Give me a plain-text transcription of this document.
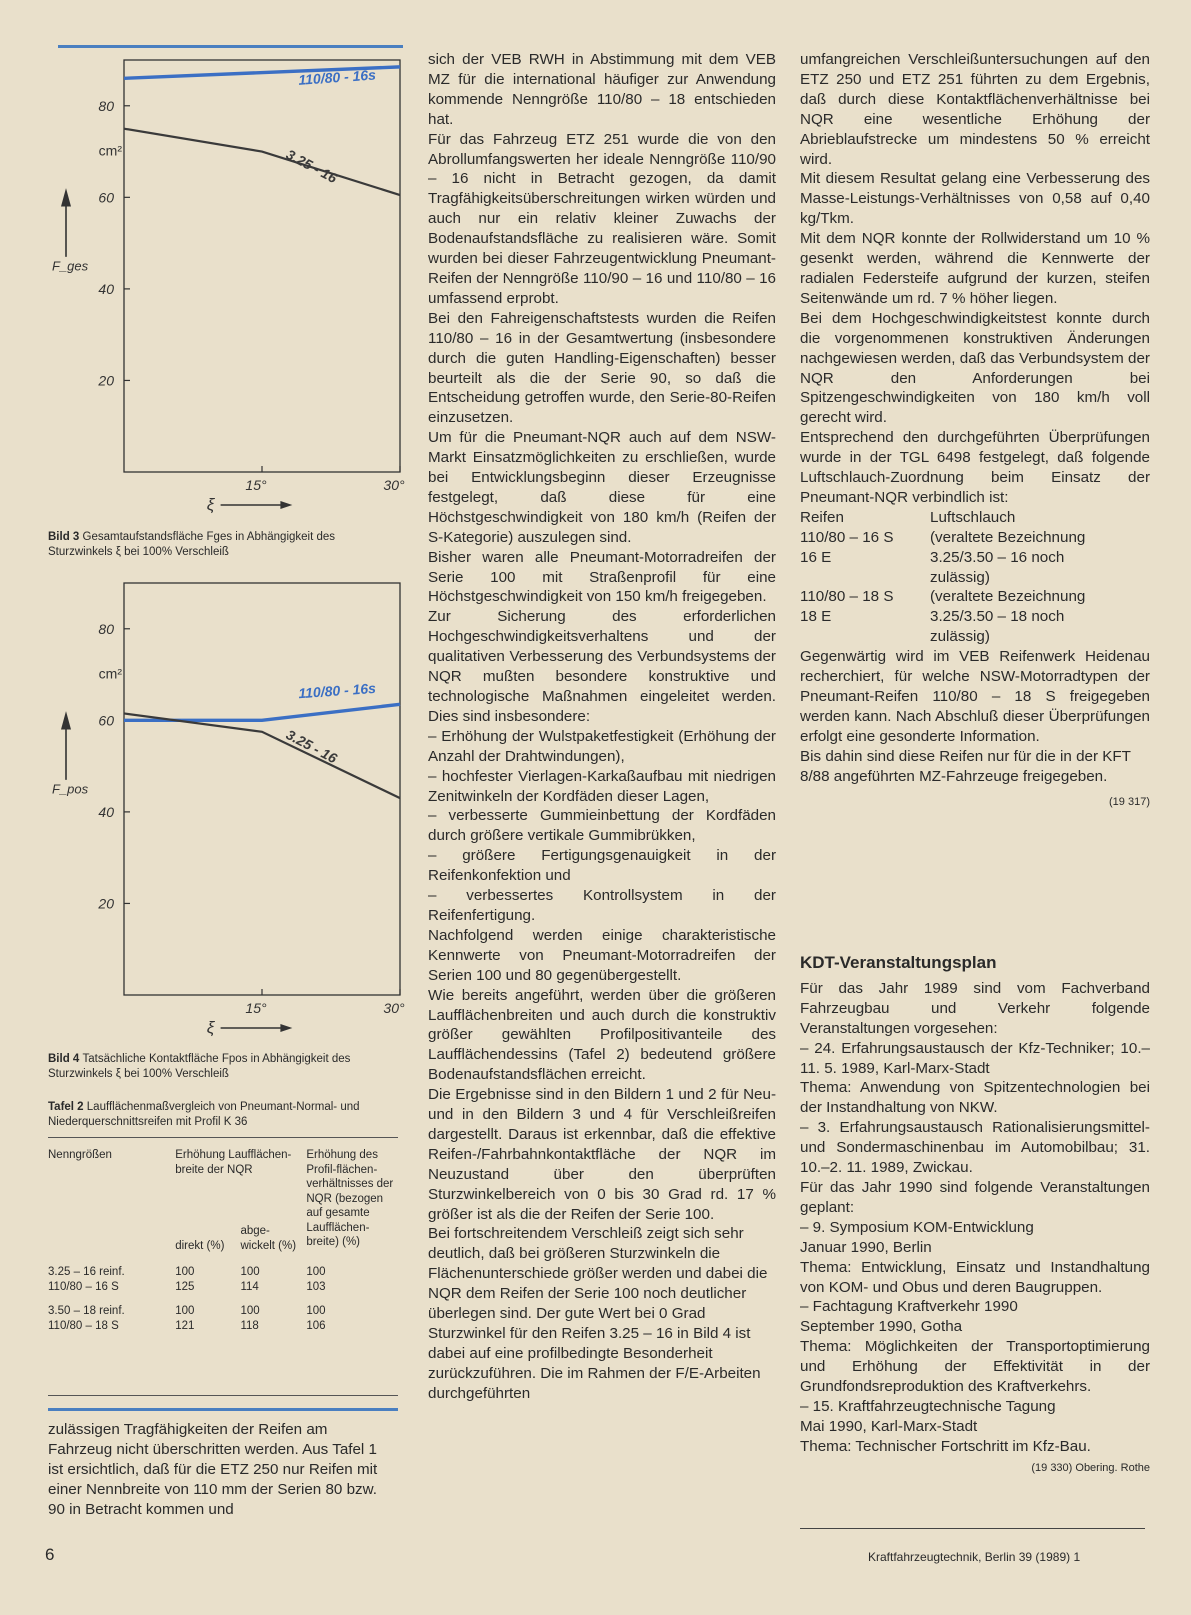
80
60
40
20
cm²
F_ges
15°	30°
ξ
110/80 - 16s
3.25 - 16
Bild 3 Gesamtaufstandsfläche Fges in Abhängigkeit des Sturzwinkels ξ bei 100% Verschleiß
80
60
40
20
cm²
F_pos
15°	30°
ξ
110/80 - 16s
3.25 - 16
Bild 4 Tatsächliche Kontaktfläche Fpos in Abhängigkeit des Sturzwinkels ξ bei 100% Verschleiß
Tafel 2 Laufflächenmaßvergleich von Pneumant-Normal- und Niederquerschnittsreifen mit Profil K 36
Nenngrößen	Erhöhung Laufflächen-breite der NQR		Erhöhung des Profil-flächen-verhältnisses der NQR (bezogen auf gesamte Laufflächen-breite) (%)
	direkt (%)	abge-wickelt (%)	

3.25 – 16 reinf.	100	100	100
110/80 – 16 S	125	114	103

3.50 – 18 reinf.	100	100	100
110/80 – 18 S	121	118	106

zulässigen Tragfähigkeiten der Reifen am Fahrzeug nicht überschritten werden. Aus Tafel 1 ist ersichtlich, daß für die ETZ 250 nur Reifen mit einer Nennbreite von 110 mm der Serien 80 bzw. 90 in Betracht kommen und

sich der VEB RWH in Abstimmung mit dem VEB MZ für die international häufiger zur Anwendung kommende Nenngröße 110/80 – 18 entschieden hat.

Für das Fahrzeug ETZ 251 wurde die von den Abrollumfangswerten her ideale Nenngröße 110/90 – 16 nicht in Betracht gezogen, da damit Tragfähigkeitsüberschreitungen wirken würden und auch nur ein relativ kleiner Zuwachs der Bodenaufstandsfläche zu realisieren wäre. Somit wurden bei dieser Fahrzeugentwicklung Pneumant-Reifen der Nenngröße 110/90 – 16 und 110/80 – 16 umfassend erprobt.

Bei den Fahreigenschaftstests wurden die Reifen 110/80 – 16 in der Gesamtwertung (insbesondere durch die guten Handling-Eigenschaften) besser beurteilt als die der Serie 90, so daß die Entscheidung getroffen wurde, den Serie-80-Reifen einzusetzen.

Um für die Pneumant-NQR auch auf dem NSW-Markt Einsatzmöglichkeiten zu erschließen, wurde bei Entwicklungsbeginn dieser Erzeugnisse festgelegt, daß diese für eine Höchstgeschwindigkeit von 180 km/h (Reifen der S-Kategorie) auszulegen sind.

Bisher waren alle Pneumant-Motorradreifen der Serie 100 mit Straßenprofil für eine Höchstgeschwindigkeit von 150 km/h freigegeben.

Zur Sicherung des erforderlichen Hochgeschwindigkeitsverhaltens und der qualitativen Verbesserung des Verbundsystems der NQR mußten besondere konstruktive und technologische Maßnahmen eingeleitet werden. Dies sind insbesondere:

– Erhöhung der Wulstpaketfestigkeit (Erhöhung der Anzahl der Drahtwindungen),

– hochfester Vierlagen-Karkaßaufbau mit niedrigen Zenitwinkeln der Kordfäden dieser Lagen,

– verbesserte Gummieinbettung der Kordfäden durch größere vertikale Gummibrükken,

– größere Fertigungsgenauigkeit in der Reifenkonfektion und

– verbessertes Kontrollsystem in der Reifenfertigung.

Nachfolgend werden einige charakteristische Kennwerte von Pneumant-Motorradreifen der Serien 100 und 80 gegenübergestellt.

Wie bereits angeführt, werden über die größeren Laufflächenbreiten und auch durch die konstruktiv größer gewählten Profilpositivanteile des Laufflächendessins (Tafel 2) bedeutend größere Bodenaufstandsflächen erreicht.

Die Ergebnisse sind in den Bildern 1 und 2 für Neu- und in den Bildern 3 und 4 für Verschleißreifen dargestellt. Daraus ist erkennbar, daß die effektive Reifen-/Fahrbahnkontaktfläche der NQR im Neuzustand über den überprüften Sturzwinkelbereich von 0 bis 30 Grad rd. 17 % größer ist als die der Reifen der Serie 100.

Bei fortschreitendem Verschleiß zeigt sich sehr deutlich, daß bei größeren Sturzwinkeln die Flächenunterschiede größer werden und dabei die NQR dem Reifen der Serie 100 noch deutlicher überlegen sind. Der gute Wert bei 0 Grad Sturzwinkel für den Reifen 3.25 – 16 in Bild 4 ist dabei auf eine profilbedingte Besonderheit zurückzuführen. Die im Rahmen der F/E-Arbeiten durchgeführten

umfangreichen Verschleißuntersuchungen auf den ETZ 250 und ETZ 251 führten zu dem Ergebnis, daß durch diese Kontaktflächenverhältnisse bei NQR eine wesentliche Erhöhung der Abrieblaufstrecke um mindestens 50 % erreicht wird.

Mit diesem Resultat gelang eine Verbesserung des Masse-Leistungs-Verhältnisses von 0,58 auf 0,40 kg/Tkm.

Mit dem NQR konnte der Rollwiderstand um 10 % gesenkt werden, während die Kennwerte der radialen Federsteife aufgrund der kurzen, steifen Seitenwände um rd. 7 % höher liegen.

Bei dem Hochgeschwindigkeitstest konnte durch die vorgenommenen konstruktiven Änderungen nachgewiesen werden, daß das Verbundsystem der NQR den Anforderungen bei Spitzengeschwindigkeiten von 180 km/h voll gerecht wird.

Entsprechend den durchgeführten Überprüfungen wurde in der TGL 6498 festgelegt, daß folgende Luftschlauch-Zuordnung beim Einsatz der Pneumant-NQR verbindlich ist:

Reifen	Luftschlauch
110/80 – 16 S (veraltete Bezeichnung
16 E	3.25/3.50 – 16 noch
zulässig)
110/80 – 18 S (veraltete Bezeichnung
18 E	3.25/3.50 – 18 noch
zulässig)

Gegenwärtig wird im VEB Reifenwerk Heidenau recherchiert, für welche NSW-Motorradtypen der Pneumant-Reifen 110/80 – 18 S freigegeben werden kann. Nach Abschluß dieser Überprüfungen erfolgt eine gesonderte Information.

Bis dahin sind diese Reifen nur für die in der KFT 8/88 angeführten MZ-Fahrzeuge freigegeben.

(19 317)
KDT-Veranstaltungsplan

Für das Jahr 1989 sind vom Fachverband Fahrzeugbau und Verkehr folgende Veranstaltungen vorgesehen:

– 24. Erfahrungsaustausch der Kfz-Techniker; 10.–11. 5. 1989, Karl-Marx-Stadt

Thema: Anwendung von Spitzentechnologien bei der Instandhaltung von NKW.

– 3. Erfahrungsaustausch Rationalisierungsmittel- und Sondermaschinenbau im Automobilbau; 31. 10.–2. 11. 1989, Zwickau.

Für das Jahr 1990 sind folgende Veranstaltungen geplant:

– 9. Symposium KOM-Entwicklung

Januar 1990, Berlin

Thema: Entwicklung, Einsatz und Instandhaltung von KOM- und Obus und deren Baugruppen.

– Fachtagung Kraftverkehr 1990

September 1990, Gotha

Thema: Möglichkeiten der Transportoptimierung und Erhöhung der Effektivität in der Grundfondsreproduktion des Kraftverkehrs.

– 15. Kraftfahrzeugtechnische Tagung

Mai 1990, Karl-Marx-Stadt

Thema: Technischer Fortschritt im Kfz-Bau.

(19 330) Obering. Rothe
6	Kraftfahrzeugtechnik, Berlin 39 (1989) 1
